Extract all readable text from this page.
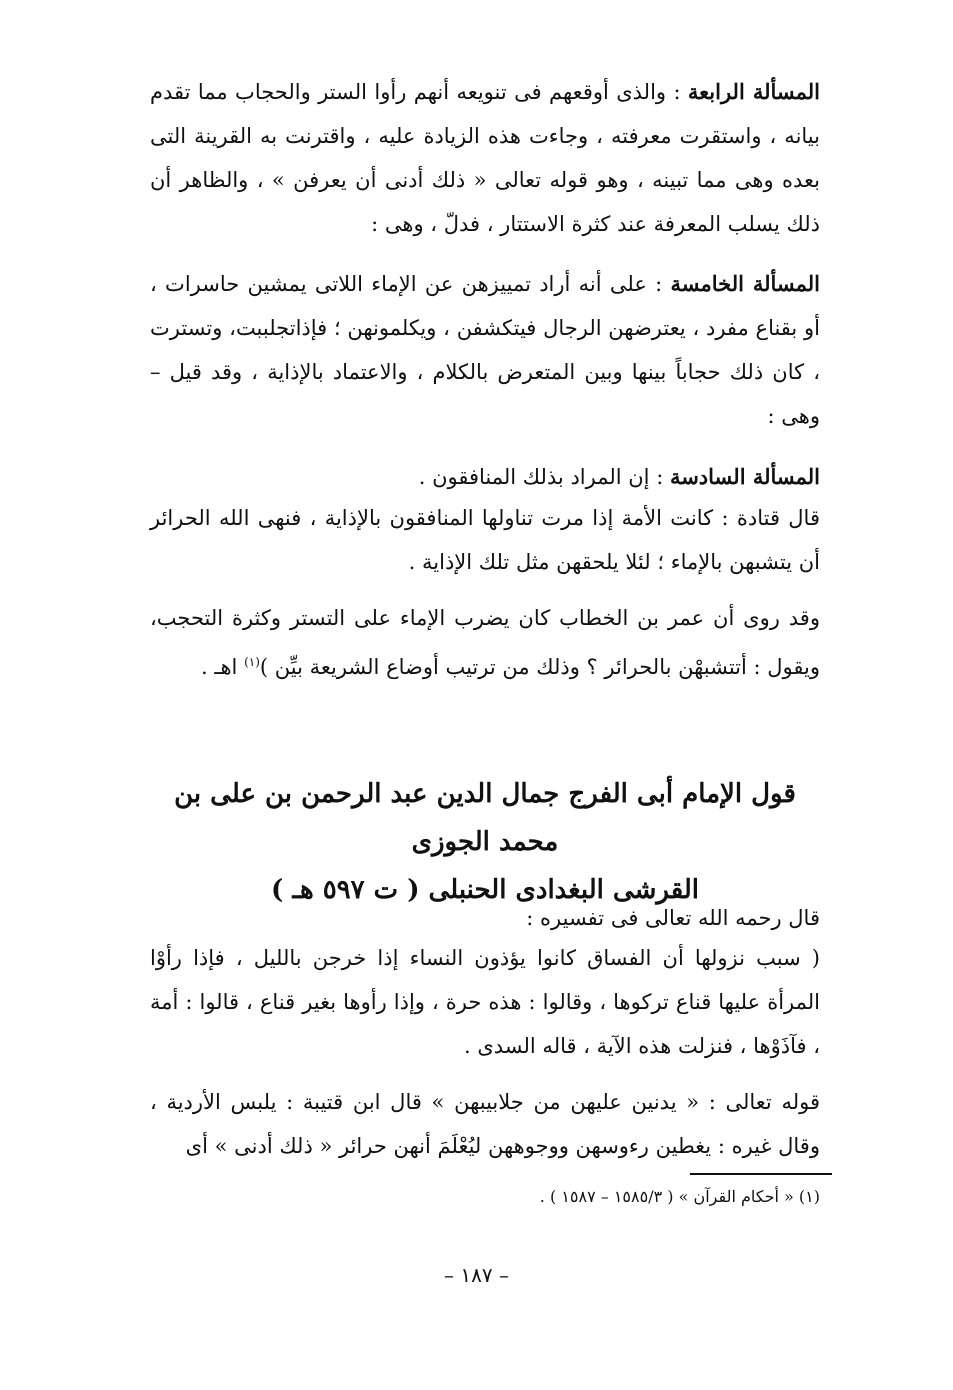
المسألة الرابعة : والذى أوقعهم فى تنويعه أنهم رأوا الستر والحجاب مما تقدم بيانه ، واستقرت معرفته ، وجاءت هذه الزيادة عليه ، واقترنت به القرينة التى بعده وهى مما تبينه ، وهو قوله تعالى « ذلك أدنى أن يعرفن » ، والظاهر أن ذلك يسلب المعرفة عند كثرة الاستتار ، فدلّ ، وهى :

المسألة الخامسة : على أنه أراد تمييزهن عن الإماء اللاتى يمشين حاسرات ، أو بقناع مفرد ، يعترضهن الرجال فيتكشفن ، ويكلمونهن ؛ فإذاتجلببت، وتسترت ، كان ذلك حجاباً بينها وبين المتعرض بالكلام ، والاعتماد بالإذاية ، وقد قيل – وهى :

المسألة السادسة : إن المراد بذلك المنافقون .

قال قتادة : كانت الأمة إذا مرت تناولها المنافقون بالإذاية ، فنهى الله الحرائر أن يتشبهن بالإماء ؛ لئلا يلحقهن مثل تلك الإذاية .

وقد روى أن عمر بن الخطاب كان يضرب الإماء على التستر وكثرة التحجب، ويقول : أتتشبهْن بالحرائر ؟ وذلك من ترتيب أوضاع الشريعة بيِّن )$^{(١)}$ اهـ .

قول الإمام أبى الفرج جمال الدين عبد الرحمن بن على بن محمد الجوزى
القرشى البغدادى الحنبلى ( ت ٥٩٧ هـ )

قال رحمه الله تعالى فى تفسيره :

( سبب نزولها أن الفساق كانوا يؤذون النساء إذا خرجن بالليل ، فإذا رأوْا المرأة عليها قناع تركوها ، وقالوا : هذه حرة ، وإذا رأوها بغير قناع ، قالوا : أمة ، فآذَوْها ، فنزلت هذه الآية ، قاله السدى .

قوله تعالى : « يدنين عليهن من جلابيبهن » قال ابن قتيبة : يلبس الأردية ، وقال غيره : يغطين رءوسهن ووجوههن ليُعْلَمَ أنهن حرائر « ذلك أدنى » أى

(١) « أحكام القرآن » ( ١٥٨٥/٣ – ١٥٨٧ ) .
– ١٨٧ –
